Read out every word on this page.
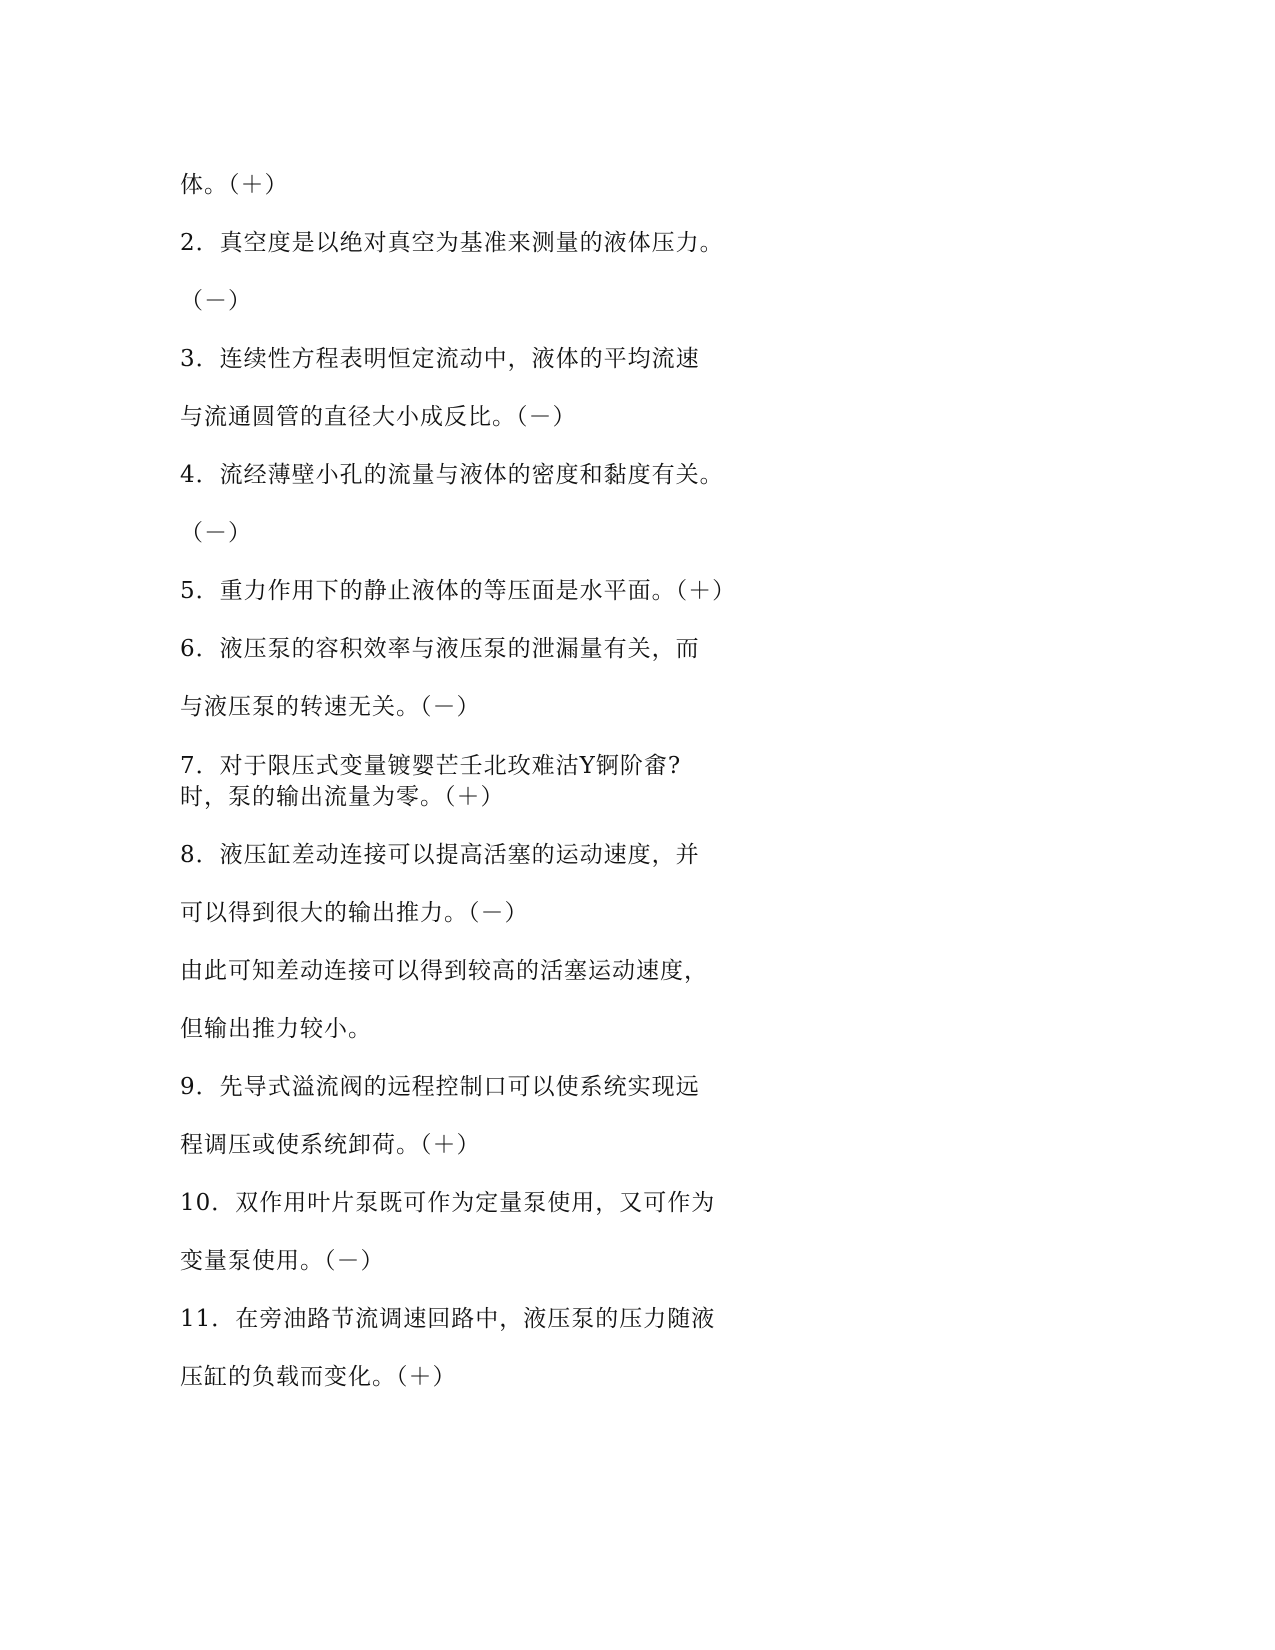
体。（＋）
2．真空度是以绝对真空为基准来测量的液体压力。
（－）
3．连续性方程表明恒定流动中，液体的平均流速
与流通圆管的直径大小成反比。（－）
4．流经薄壁小孔的流量与液体的密度和黏度有关。
（－）
5．重力作用下的静止液体的等压面是水平面。（＋）
6．液压泵的容积效率与液压泵的泄漏量有关，而
与液压泵的转速无关。（－）
7．对于限压式变量镀婴芒壬北玫难沽Y锕阶畬?
时，泵的输出流量为零。（＋）
8．液压缸差动连接可以提高活塞的运动速度，并
可以得到很大的输出推力。（－）
由此可知差动连接可以得到较高的活塞运动速度，
但输出推力较小。
9．先导式溢流阀的远程控制口可以使系统实现远
程调压或使系统卸荷。（＋）
10．双作用叶片泵既可作为定量泵使用，又可作为
变量泵使用。（－）
11．在旁油路节流调速回路中，液压泵的压力随液
压缸的负载而变化。（＋）
